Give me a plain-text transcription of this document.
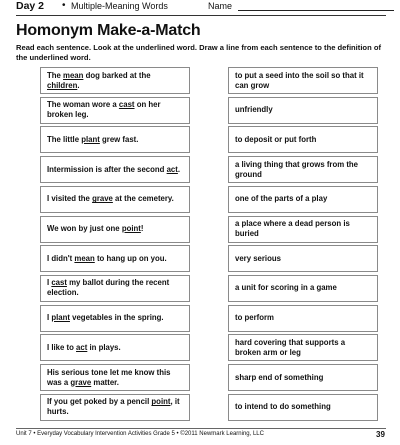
Day 2 • Multiple-Meaning Words	Name
Homonym Make-a-Match
Read each sentence. Look at the underlined word. Draw a line from each sentence to the definition of the underlined word.
The mean dog barked at the children.
The woman wore a cast on her broken leg.
The little plant grew fast.
Intermission is after the second act.
I visited the grave at the cemetery.
We won by just one point!
I didn't mean to hang up on you.
I cast my ballot during the recent election.
I plant vegetables in the spring.
I like to act in plays.
His serious tone let me know this was a grave matter.
If you get poked by a pencil point, it hurts.
to put a seed into the soil so that it can grow
unfriendly
to deposit or put forth
a living thing that grows from the ground
one of the parts of a play
a place where a dead person is buried
very serious
a unit for scoring in a game
to perform
hard covering that supports a broken arm or leg
sharp end of something
to intend to do something
Unit 7 • Everyday Vocabulary Intervention Activities Grade 5 • ©2011 Newmark Learning, LLC	39
